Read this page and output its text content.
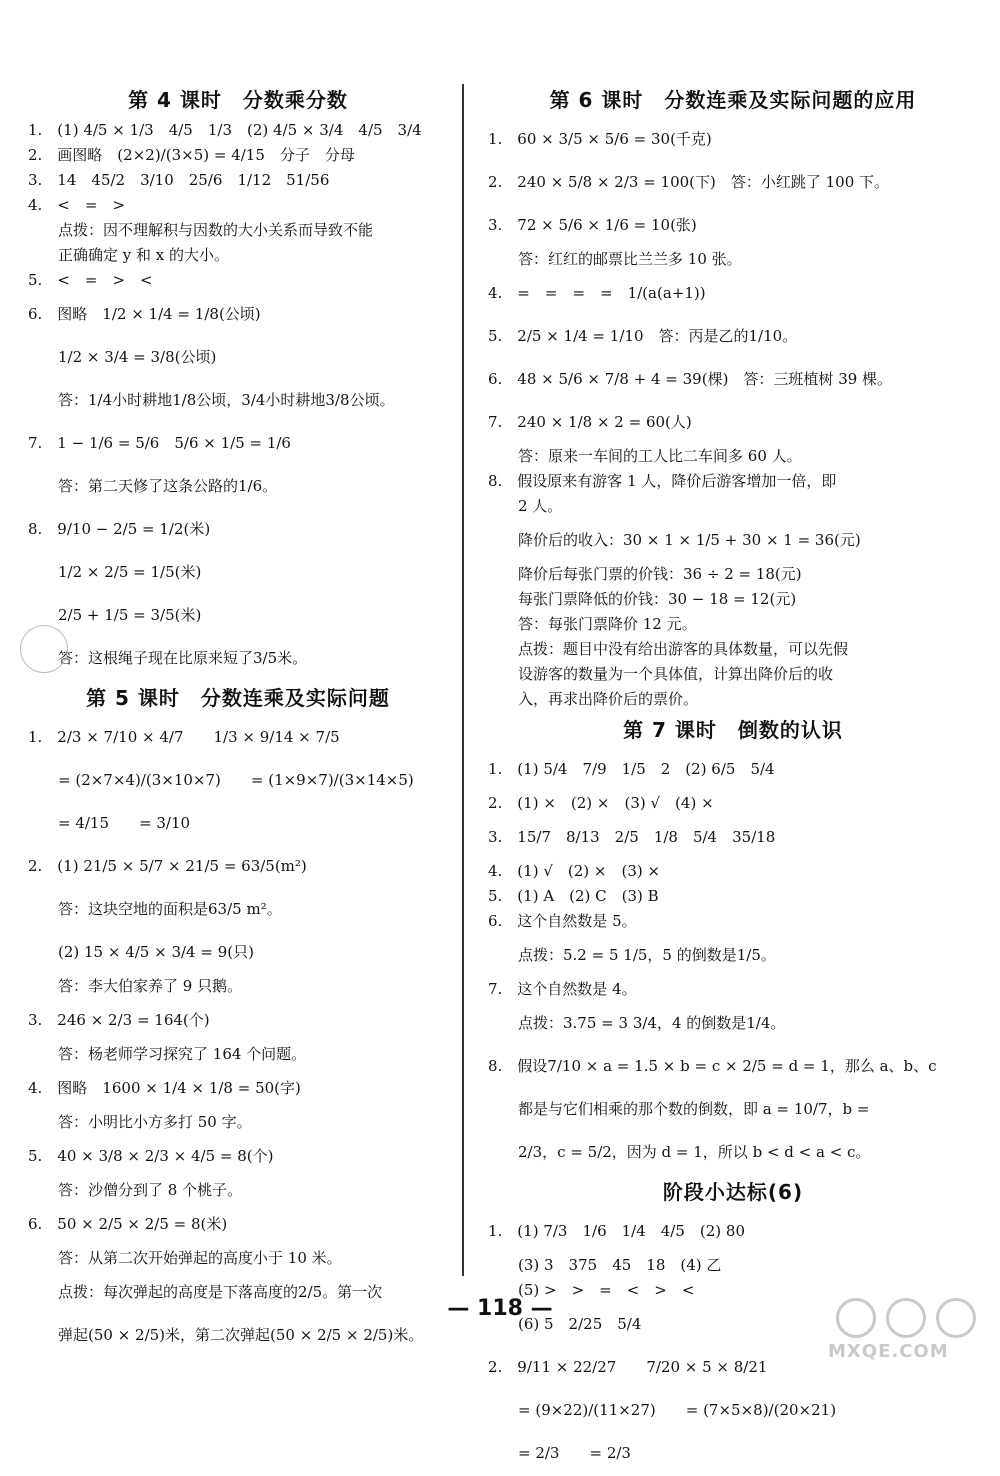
第 4 课时　分数乘分数
1.　(1) 4/5 × 1/3　4/5　1/3　(2) 4/5 × 3/4　4/5　3/4
2.　画图略　(2×2)/(3×5) = 4/15　分子　分母
3.　14　45/2　3/10　25/6　1/12　51/56
4.　<　=　>
点拨：因不理解积与因数的大小关系而导致不能
正确确定 y 和 x 的大小。
5.　<　=　>　<
6.　图略　1/2 × 1/4 = 1/8(公顷)
1/2 × 3/4 = 3/8(公顷)
答：1/4小时耕地1/8公顷，3/4小时耕地3/8公顷。
7.　1 − 1/6 = 5/6　5/6 × 1/5 = 1/6
答：第二天修了这条公路的1/6。
8.　9/10 − 2/5 = 1/2(米)
1/2 × 2/5 = 1/5(米)
2/5 + 1/5 = 3/5(米)
答：这根绳子现在比原来短了3/5米。
第 5 课时　分数连乘及实际问题
1.　2/3 × 7/10 × 4/7　　1/3 × 9/14 × 7/5
= (2×7×4)/(3×10×7)　　= (1×9×7)/(3×14×5)
= 4/15　　= 3/10
2.　(1) 21/5 × 5/7 × 21/5 = 63/5(m²)
答：这块空地的面积是63/5 m²。
(2) 15 × 4/5 × 3/4 = 9(只)
答：李大伯家养了 9 只鹅。
3.　246 × 2/3 = 164(个)
答：杨老师学习探究了 164 个问题。
4.　图略　1600 × 1/4 × 1/8 = 50(字)
答：小明比小方多打 50 字。
5.　40 × 3/8 × 2/3 × 4/5 = 8(个)
答：沙僧分到了 8 个桃子。
6.　50 × 2/5 × 2/5 = 8(米)
答：从第二次开始弹起的高度小于 10 米。
点拨：每次弹起的高度是下落高度的2/5。第一次
弹起(50 × 2/5)米，第二次弹起(50 × 2/5 × 2/5)米。
第 6 课时　分数连乘及实际问题的应用
1.　60 × 3/5 × 5/6 = 30(千克)
2.　240 × 5/8 × 2/3 = 100(下)　答：小红跳了 100 下。
3.　72 × 5/6 × 1/6 = 10(张)
答：红红的邮票比兰兰多 10 张。
4.　=　=　=　=　1/(a(a+1))
5.　2/5 × 1/4 = 1/10　答：丙是乙的1/10。
6.　48 × 5/6 × 7/8 + 4 = 39(棵)　答：三班植树 39 棵。
7.　240 × 1/8 × 2 = 60(人)
答：原来一车间的工人比二车间多 60 人。
8.　假设原来有游客 1 人，降价后游客增加一倍，即
2 人。
降价后的收入：30 × 1 × 1/5 + 30 × 1 = 36(元)
降价后每张门票的价钱：36 ÷ 2 = 18(元)
每张门票降低的价钱：30 − 18 = 12(元)
答：每张门票降价 12 元。
点拨：题目中没有给出游客的具体数量，可以先假
设游客的数量为一个具体值，计算出降价后的收
入，再求出降价后的票价。
第 7 课时　倒数的认识
1.　(1) 5/4　7/9　1/5　2　(2) 6/5　5/4
2.　(1) ×　(2) ×　(3) √　(4) ×
3.　15/7　8/13　2/5　1/8　5/4　35/18
4.　(1) √　(2) ×　(3) ×
5.　(1) A　(2) C　(3) B
6.　这个自然数是 5。
点拨：5.2 = 5 1/5，5 的倒数是1/5。
7.　这个自然数是 4。
点拨：3.75 = 3 3/4，4 的倒数是1/4。
8.　假设7/10 × a = 1.5 × b = c × 2/5 = d = 1，那么 a、b、c
都是与它们相乘的那个数的倒数，即 a = 10/7，b =
2/3，c = 5/2，因为 d = 1，所以 b < d < a < c。
阶段小达标(6)
1.　(1) 7/3　1/6　1/4　4/5　(2) 80
(3) 3　375　45　18　(4) 乙
(5) >　>　=　<　>　<
(6) 5　2/25　5/4
2.　9/11 × 22/27　　7/20 × 5 × 8/21
= (9×22)/(11×27)　　= (7×5×8)/(20×21)
= 2/3　　= 2/3
— 118 —
MXQE.COM
